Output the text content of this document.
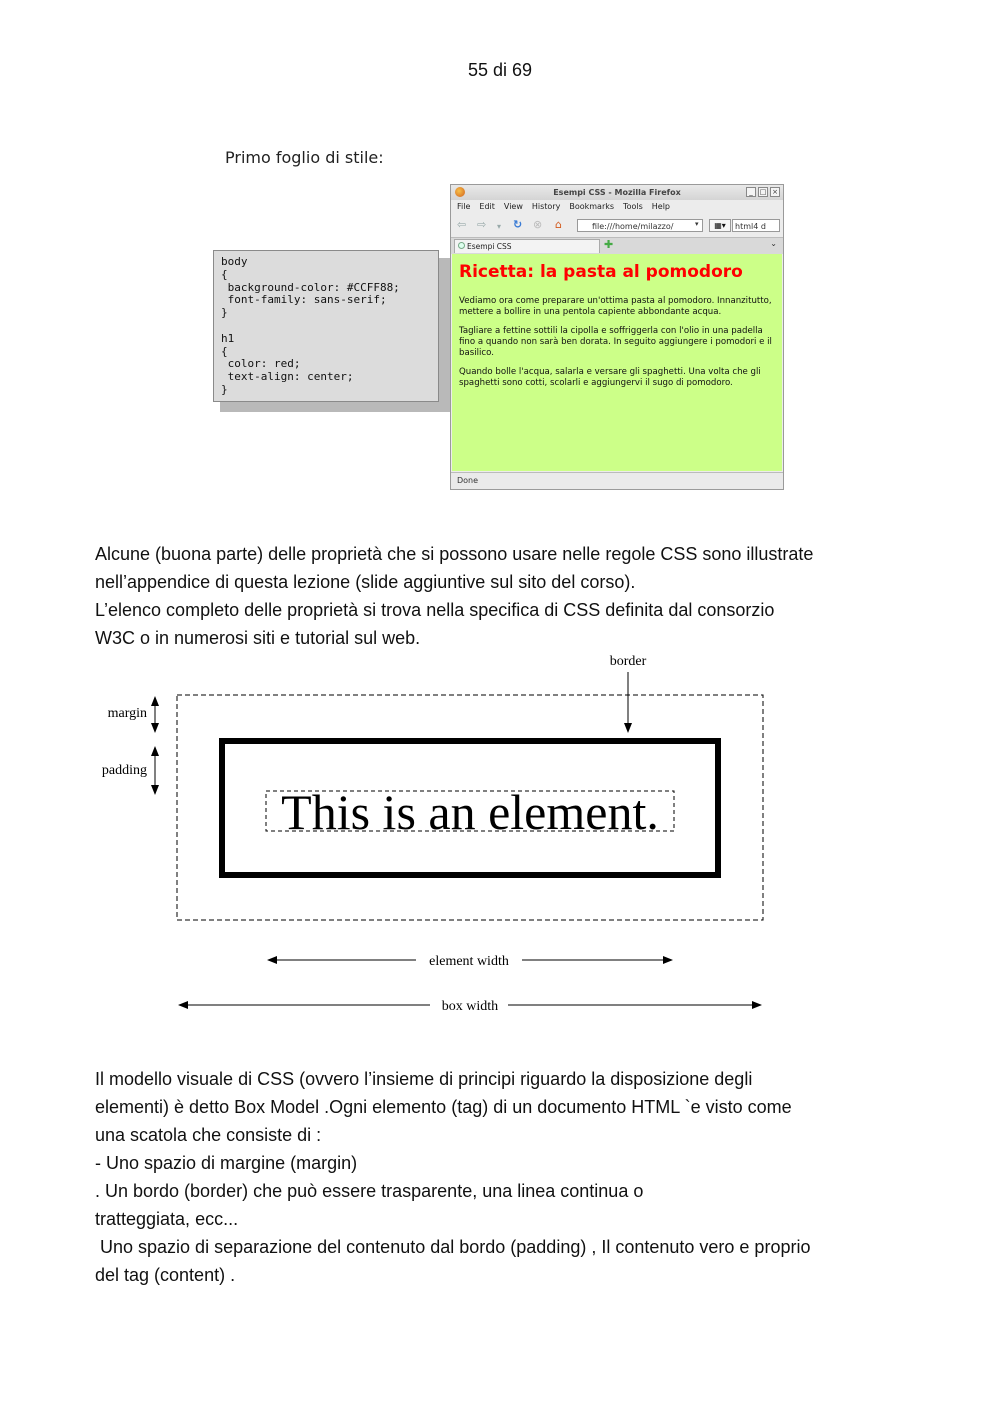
55 di 69
Primo foglio di stile:
body
{
background-color: #CCFF88;
font-family: sans-serif;
}

h1
{
color: red;
text-align: center;
}
Esempi CSS - Mozilla Firefox	_ □ ×
File Edit View History Bookmarks Tools Help
⇦ ⇨ ▾ ↻ ⊗ ⌂	file:///home/milazzo/	▾	▦▾	html4 d
Esempi CSS	✚	⌄
Ricetta: la pasta al pomodoro

Vediamo ora come preparare un'ottima pasta al pomodoro. Innanzitutto, mettere a bollire in una pentola capiente abbondante acqua.

Tagliare a fettine sottili la cipolla e soffriggerla con l'olio in una padella fino a quando non sarà ben dorata. In seguito aggiungere i pomodori e il basilico.

Quando bolle l'acqua, salarla e versare gli spaghetti. Una volta che gli spaghetti sono cotti, scolarli e aggiungervi il sugo di pomodoro.

Done
Alcune (buona parte) delle proprietà che si possono usare nelle regole CSS sono illustrate
nell’appendice di questa lezione (slide aggiuntive sul sito del corso).
L’elenco completo delle proprietà si trova nella specifica di CSS definita dal consorzio
W3C o in numerosi siti e tutorial sul web.
This is an element.
border
margin
padding
element width
box width
Il modello visuale di CSS (ovvero l’insieme di principi riguardo la disposizione degli
elementi) è detto Box Model .Ogni elemento (tag) di un documento HTML `e visto come
una scatola che consiste di :
- Uno spazio di margine (margin)
. Un bordo (border) che può essere trasparente, una linea continua o
tratteggiata, ecc...
Uno spazio di separazione del contenuto dal bordo (padding) , Il contenuto vero e proprio
del tag (content) .
